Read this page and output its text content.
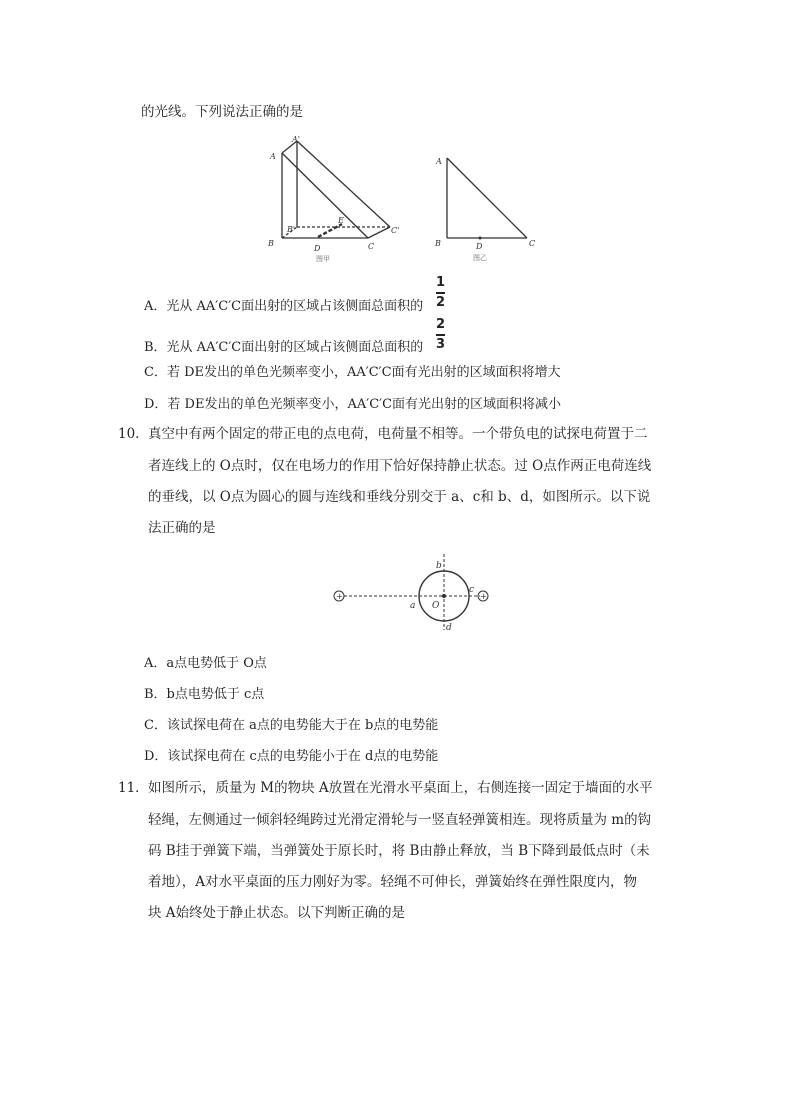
的光线。下列说法正确的是
A
A'
B
B'
C
C'
D
E
图甲
A
B	C
D
图乙
A．光从 AA′C′C面出射的区域占该侧面总面积的
1
2
B．光从 AA′C′C面出射的区域占该侧面总面积的
2
3
C．若 DE发出的单色光频率变小，AA′C′C面有光出射的区域面积将增大
D．若 DE发出的单色光频率变小，AA′C′C面有光出射的区域面积将减小
10． 真空中有两个固定的带正电的点电荷，电荷量不相等。一个带负电的试探电荷置于二
者连线上的 O点时，仅在电场力的作用下恰好保持静止状态。过 O点作两正电荷连线
的垂线，以 O点为圆心的圆与连线和垂线分别交于 a、c和 b、d，如图所示。以下说
法正确的是
+	+
a
b
c
d
O
A．a点电势低于 O点
B．b点电势低于 c点
C．该试探电荷在 a点的电势能大于在 b点的电势能
D．该试探电荷在 c点的电势能小于在 d点的电势能
11． 如图所示，质量为 M的物块 A放置在光滑水平桌面上，右侧连接一固定于墙面的水平
轻绳，左侧通过一倾斜轻绳跨过光滑定滑轮与一竖直轻弹簧相连。现将质量为 m的钩
码 B挂于弹簧下端，当弹簧处于原长时，将 B由静止释放，当 B下降到最低点时（未
着地），A对水平桌面的压力刚好为零。轻绳不可伸长，弹簧始终在弹性限度内，物
块 A始终处于静止状态。以下判断正确的是
